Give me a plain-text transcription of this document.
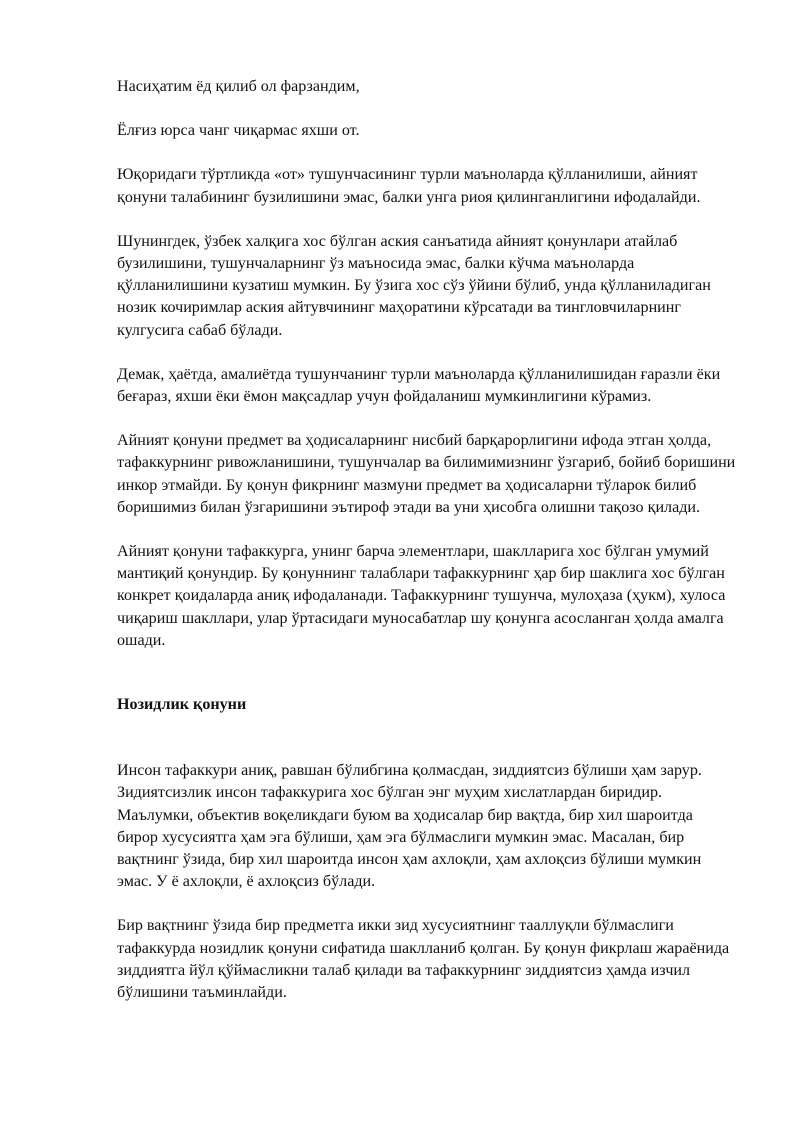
Насиҳатим ёд қилиб ол фарзандим,

Ёлғиз юрса чанг чиқармас яхши от.

Юқоридаги тўртликда «от» тушунчасининг турли маъноларда қўлланилиши, айният қонуни талабининг бузилишини эмас, балки унга риоя қилинганлигини ифодалайди.

Шунингдек, ўзбек халқига хос бўлган аския санъатида айният қонунлари атайлаб бузилишини, тушунчаларнинг ўз маъносида эмас, балки кўчма маъноларда қўлланилишини кузатиш мумкин. Бу ўзига хос сўз ўйини бўлиб, унда қўлланиладиган нозик кочиримлар аския айтувчининг маҳоратини кўрсатади ва тингловчиларнинг кулгусига сабаб бўлади.

Демак, ҳаётда, амалиётда тушунчанинг турли маъноларда қўлланилишидан ғаразли ёки беғараз, яхши ёки ёмон мақсадлар учун фойдаланиш мумкинлигини кўрамиз.

Айният қонуни предмет ва ҳодисаларнинг нисбий барқарорлигини ифода этган ҳолда, тафаккурнинг ривожланишини, тушунчалар ва билимимизнинг ўзгариб, бойиб боришини инкор этмайди. Бу қонун фикрнинг мазмуни предмет ва ҳодисаларни тўларок билиб боришимиз билан ўзгаришини эътироф этади ва уни ҳисобга олишни тақозо қилади.

Айният қонуни тафаккурга, унинг барча элементлари, шаклларига хос бўлган умумий мантиқий қонундир. Бу қонуннинг талаблари тафаккурнинг ҳар бир шаклига хос бўлган конкрет қоидаларда аниқ ифодаланади. Тафаккурнинг тушунча, мулоҳаза (ҳукм), хулоса чиқариш шакллари, улар ўртасидаги муносабатлар шу қонунга асосланган ҳолда амалга ошади.

Нозидлик қонуни

Инсон тафаккури аниқ, равшан бўлибгина қолмасдан, зиддиятсиз бўлиши ҳам зарур. Зидиятсизлик инсон тафаккурига хос бўлган энг муҳим хислатлардан биридир. Маълумки, объектив воқеликдаги буюм ва ҳодисалар бир вақтда, бир хил шароитда бирор хусусиятга ҳам эга бўлиши, ҳам эга бўлмаслиги мумкин эмас. Масалан, бир вақтнинг ўзида, бир хил шароитда инсон ҳам ахлоқли, ҳам ахлоқсиз бўлиши мумкин эмас. У ё ахлоқли, ё ахлоқсиз бўлади.

Бир вақтнинг ўзида бир предметга икки зид хусусиятнинг тааллуқли бўлмаслиги тафаккурда нозидлик қонуни сифатида шаклланиб қолган. Бу қонун фикрлаш жараёнида зиддиятга йўл қўймасликни талаб қилади ва тафаккурнинг зиддиятсиз ҳамда изчил бўлишини таъминлайди.
